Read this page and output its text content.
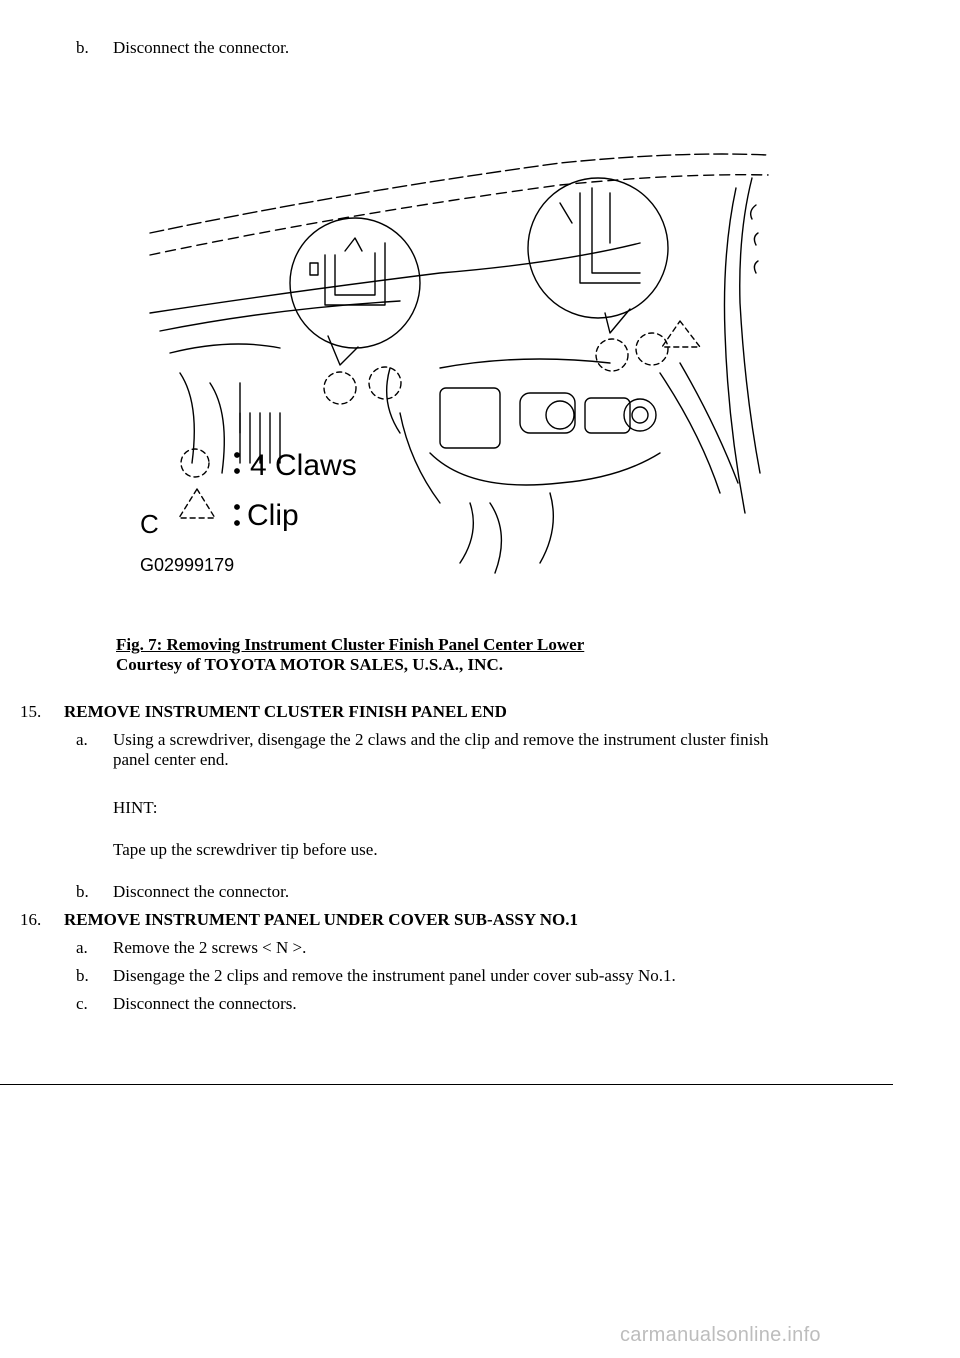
b. Disconnect the connector.
4 Claws
Clip
C
G02999179
Fig. 7: Removing Instrument Cluster Finish Panel Center Lower
Courtesy of TOYOTA MOTOR SALES, U.S.A., INC.
15. REMOVE INSTRUMENT CLUSTER FINISH PANEL END
a. Using a screwdriver, disengage the 2 claws and the clip and remove the instrument cluster finish
panel center end.
HINT:
Tape up the screwdriver tip before use.
b. Disconnect the connector.
16. REMOVE INSTRUMENT PANEL UNDER COVER SUB-ASSY NO.1
a. Remove the 2 screws < N >.
b. Disengage the 2 clips and remove the instrument panel under cover sub-assy No.1.
c. Disconnect the connectors.
carmanualsonline.info
